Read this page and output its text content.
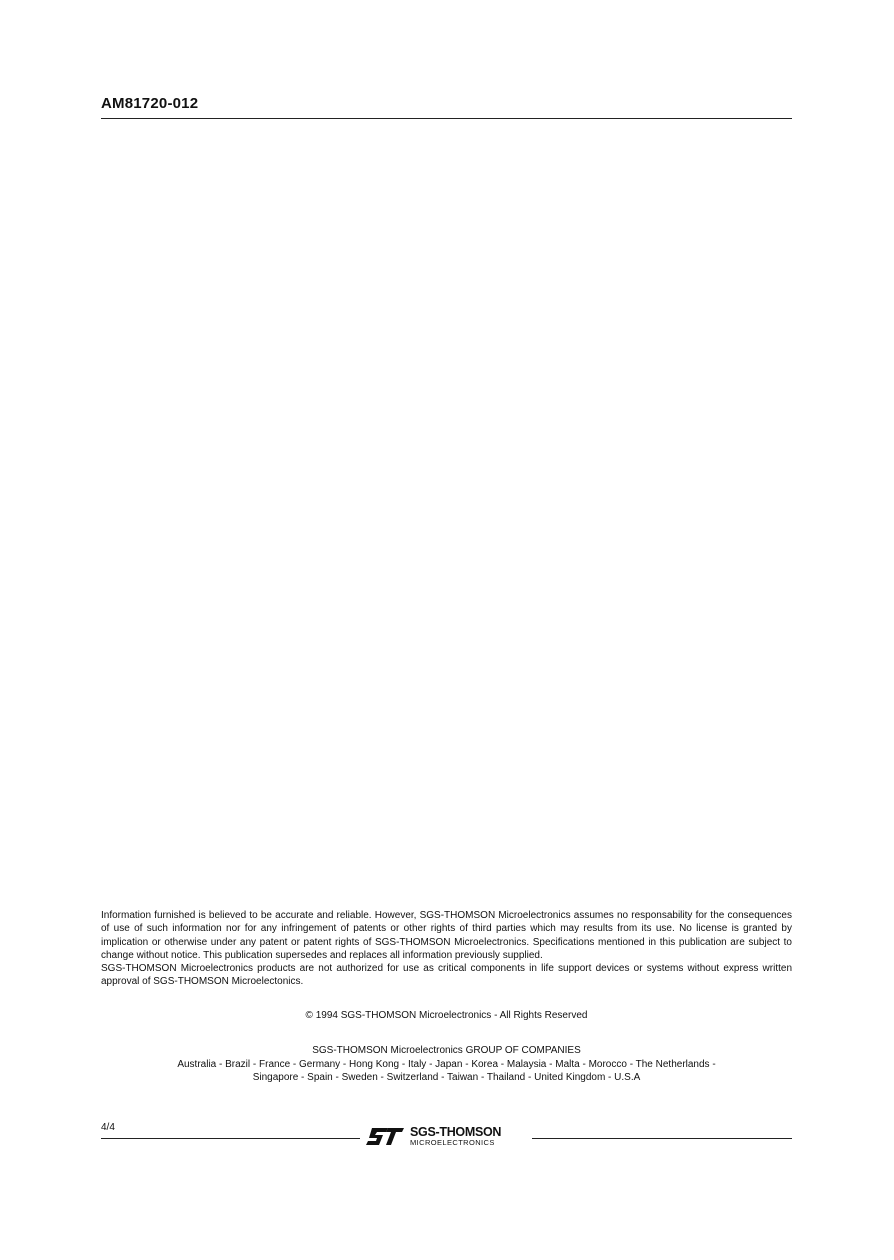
AM81720-012

Information furnished is believed to be accurate and reliable. However, SGS-THOMSON Microelectronics assumes no responsability for the consequences of use of such information nor for any infringement of patents or other rights of third parties which may results from its use. No license is granted by implication or otherwise under any patent or patent rights of SGS-THOMSON Microelectronics. Specifications mentioned in this publication are subject to change without notice. This publication supersedes and replaces all information previously supplied.
SGS-THOMSON Microelectronics products are not authorized for use as critical components in life support devices or systems without express written approval of SGS-THOMSON Microelectonics.

© 1994 SGS-THOMSON Microelectronics - All Rights Reserved
SGS-THOMSON Microelectronics GROUP OF COMPANIES
Australia - Brazil - France - Germany - Hong Kong - Italy - Japan - Korea - Malaysia - Malta - Morocco - The Netherlands -
Singapore - Spain - Sweden - Switzerland - Taiwan - Thailand - United Kingdom - U.S.A
4/4	SGS-THOMSON
MICROELECTRONICS
